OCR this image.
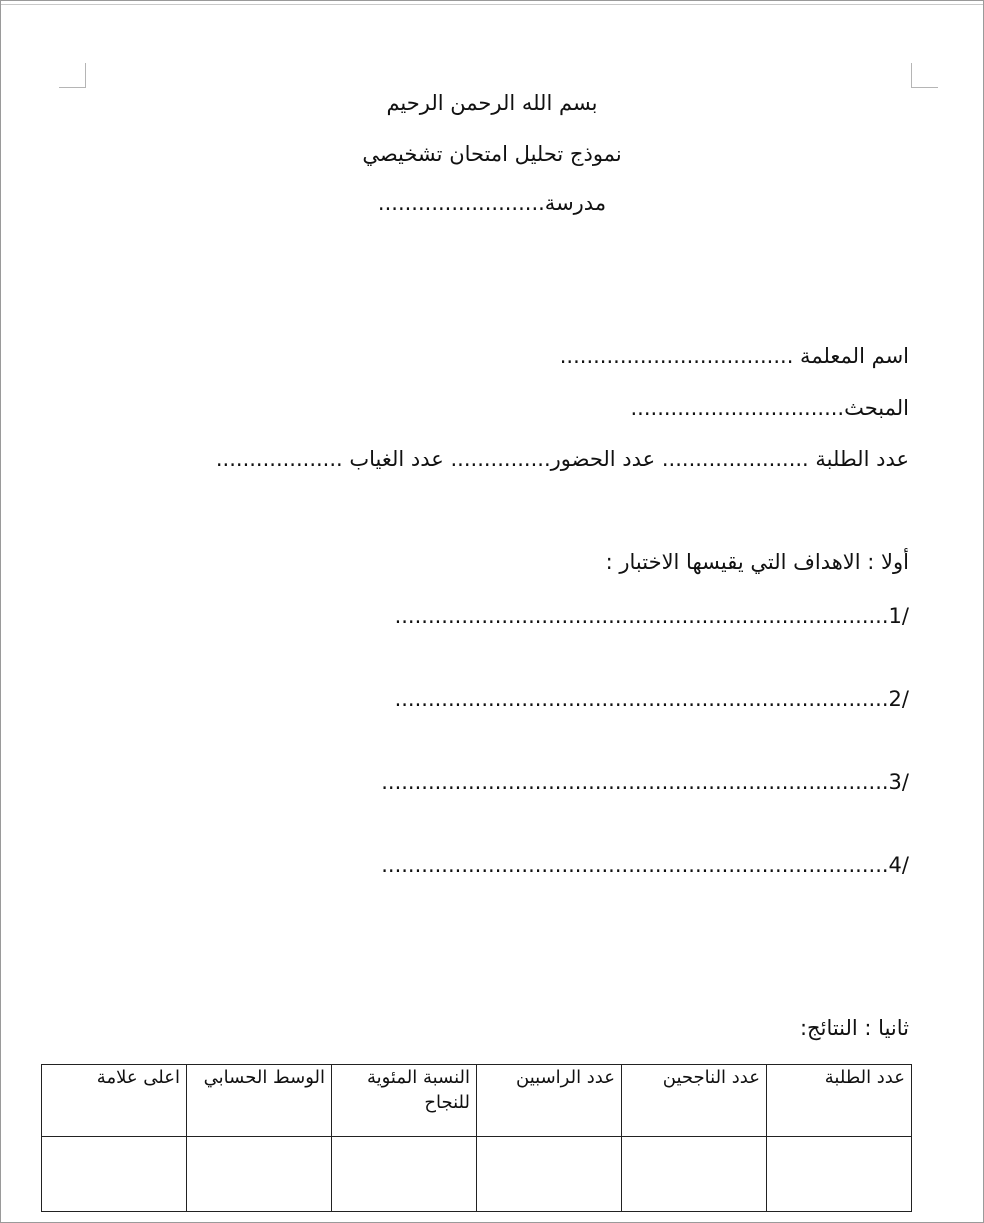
بسم الله الرحمن الرحيم
نموذج تحليل امتحان تشخيصي
مدرسة.........................
اسم المعلمة ...................................
المبحث................................
عدد الطلبة ...................... عدد الحضور............... عدد الغياب ...................
أولا : الاهداف التي يقيسها الاختبار :
/1..........................................................................
/2..........................................................................
/3............................................................................
/4............................................................................
ثانيا : النتائج:
عدد الطلبة	عدد الناجحين	عدد الراسبين	النسبة المئوية للنجاح	الوسط الحسابي	اعلى علامة
